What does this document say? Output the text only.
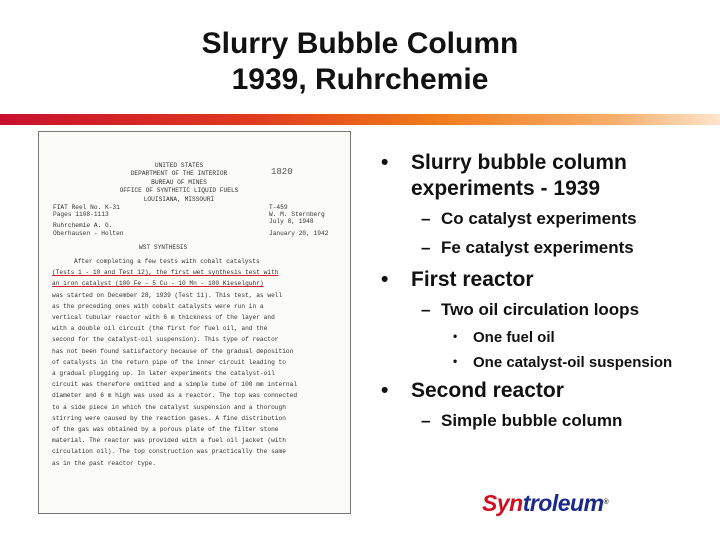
Slurry Bubble Column
1939, Ruhrchemie
UNITED STATES
DEPARTMENT OF THE INTERIOR
BUREAU OF MINES
OFFICE OF SYNTHETIC LIQUID FUELS
LOUISIANA, MISSOURI
1820
FIAT Reel No. K-31
Pages 1108-1113
Ruhrchemie A. G.
Oberhausen - Holten
T-459
W. M. Sternberg
July 8, 1948
January 20, 1942
WST SYNTHESIS
After completing a few tests with cobalt catalysts
(Tests 1 - 10 and Test 12), the first wet synthesis test with
an iron catalyst (100 Fe - 5 Cu - 10 Mn - 100 Kieselguhr)
was started on December 28, 1939 (Test 11). This test, as well
as the preceding ones with cobalt catalysts were run in a
vertical tubular reactor with 6 m thickness of the layer and
with a double oil circuit (the first for fuel oil, and the
second for the catalyst-oil suspension). This type of reactor
has not been found satisfactory because of the gradual deposition
of catalysts in the return pipe of the inner circuit leading to
a gradual plugging up. In later experiments the catalyst-oil
circuit was therefore omitted and a simple tube of 100 mm internal
diameter and 6 m high was used as a reactor. The top was connected
to a side piece in which the catalyst suspension and a thorough
stirring were caused by the reaction gases. A fine distribution
of the gas was obtained by a porous plate of the filter stone
material. The reactor was provided with a fuel oil jacket (with
circulation oil). The top construction was practically the same
as in the past reactor type.
• Slurry bubble column experiments - 1939
– Co catalyst experiments
– Fe catalyst experiments
• First reactor
– Two oil circulation loops
• One fuel oil
• One catalyst-oil suspension
• Second reactor
– Simple bubble column
Syntroleum®
